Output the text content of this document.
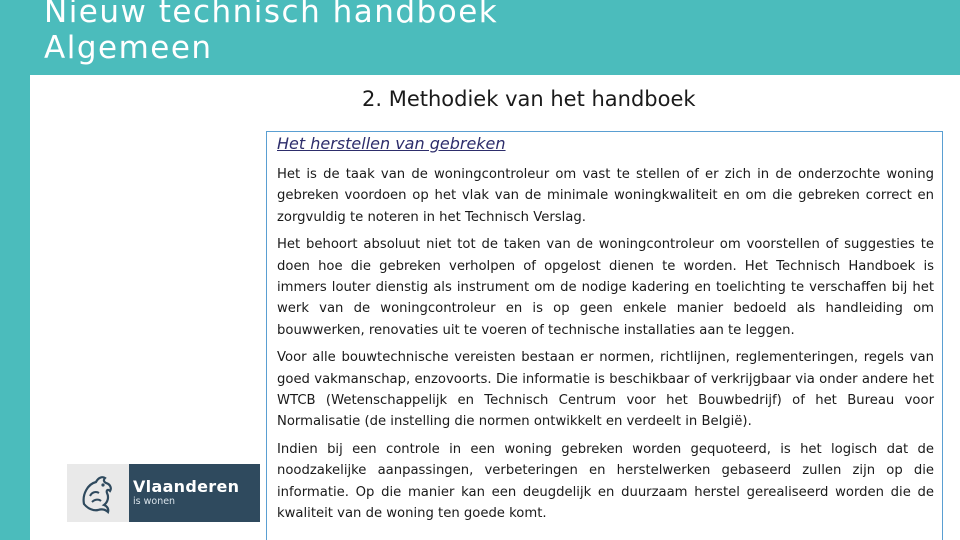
Nieuw technisch handboek
Algemeen
2. Methodiek van het handboek

Het herstellen van gebreken

Het is de taak van de woningcontroleur om vast te stellen of er zich in de onderzochte woning gebreken voordoen op het vlak van de minimale woningkwaliteit en om die gebreken correct en zorgvuldig te noteren in het Technisch Verslag.

Het behoort absoluut niet tot de taken van de woningcontroleur om voorstellen of suggesties te doen hoe die gebreken verholpen of opgelost dienen te worden. Het Technisch Handboek is immers louter dienstig als instrument om de nodige kadering en toelichting te verschaffen bij het werk van de woningcontroleur en is op geen enkele manier bedoeld als handleiding om bouwwerken, renovaties uit te voeren of technische installaties aan te leggen.

Voor alle bouwtechnische vereisten bestaan er normen, richtlijnen, reglementeringen, regels van goed vakmanschap, enzovoorts. Die informatie is beschikbaar of verkrijgbaar via onder andere het WTCB (Wetenschappelijk en Technisch Centrum voor het Bouwbedrijf) of het Bureau voor Normalisatie (de instelling die normen ontwikkelt en verdeelt in België).

Indien bij een controle in een woning gebreken worden gequoteerd, is het logisch dat de noodzakelijke aanpassingen, verbeteringen en herstelwerken gebaseerd zullen zijn op die informatie. Op die manier kan een deugdelijk en duurzaam herstel gerealiseerd worden die de kwaliteit van de woning ten goede komt.

Vlaanderen
is wonen
